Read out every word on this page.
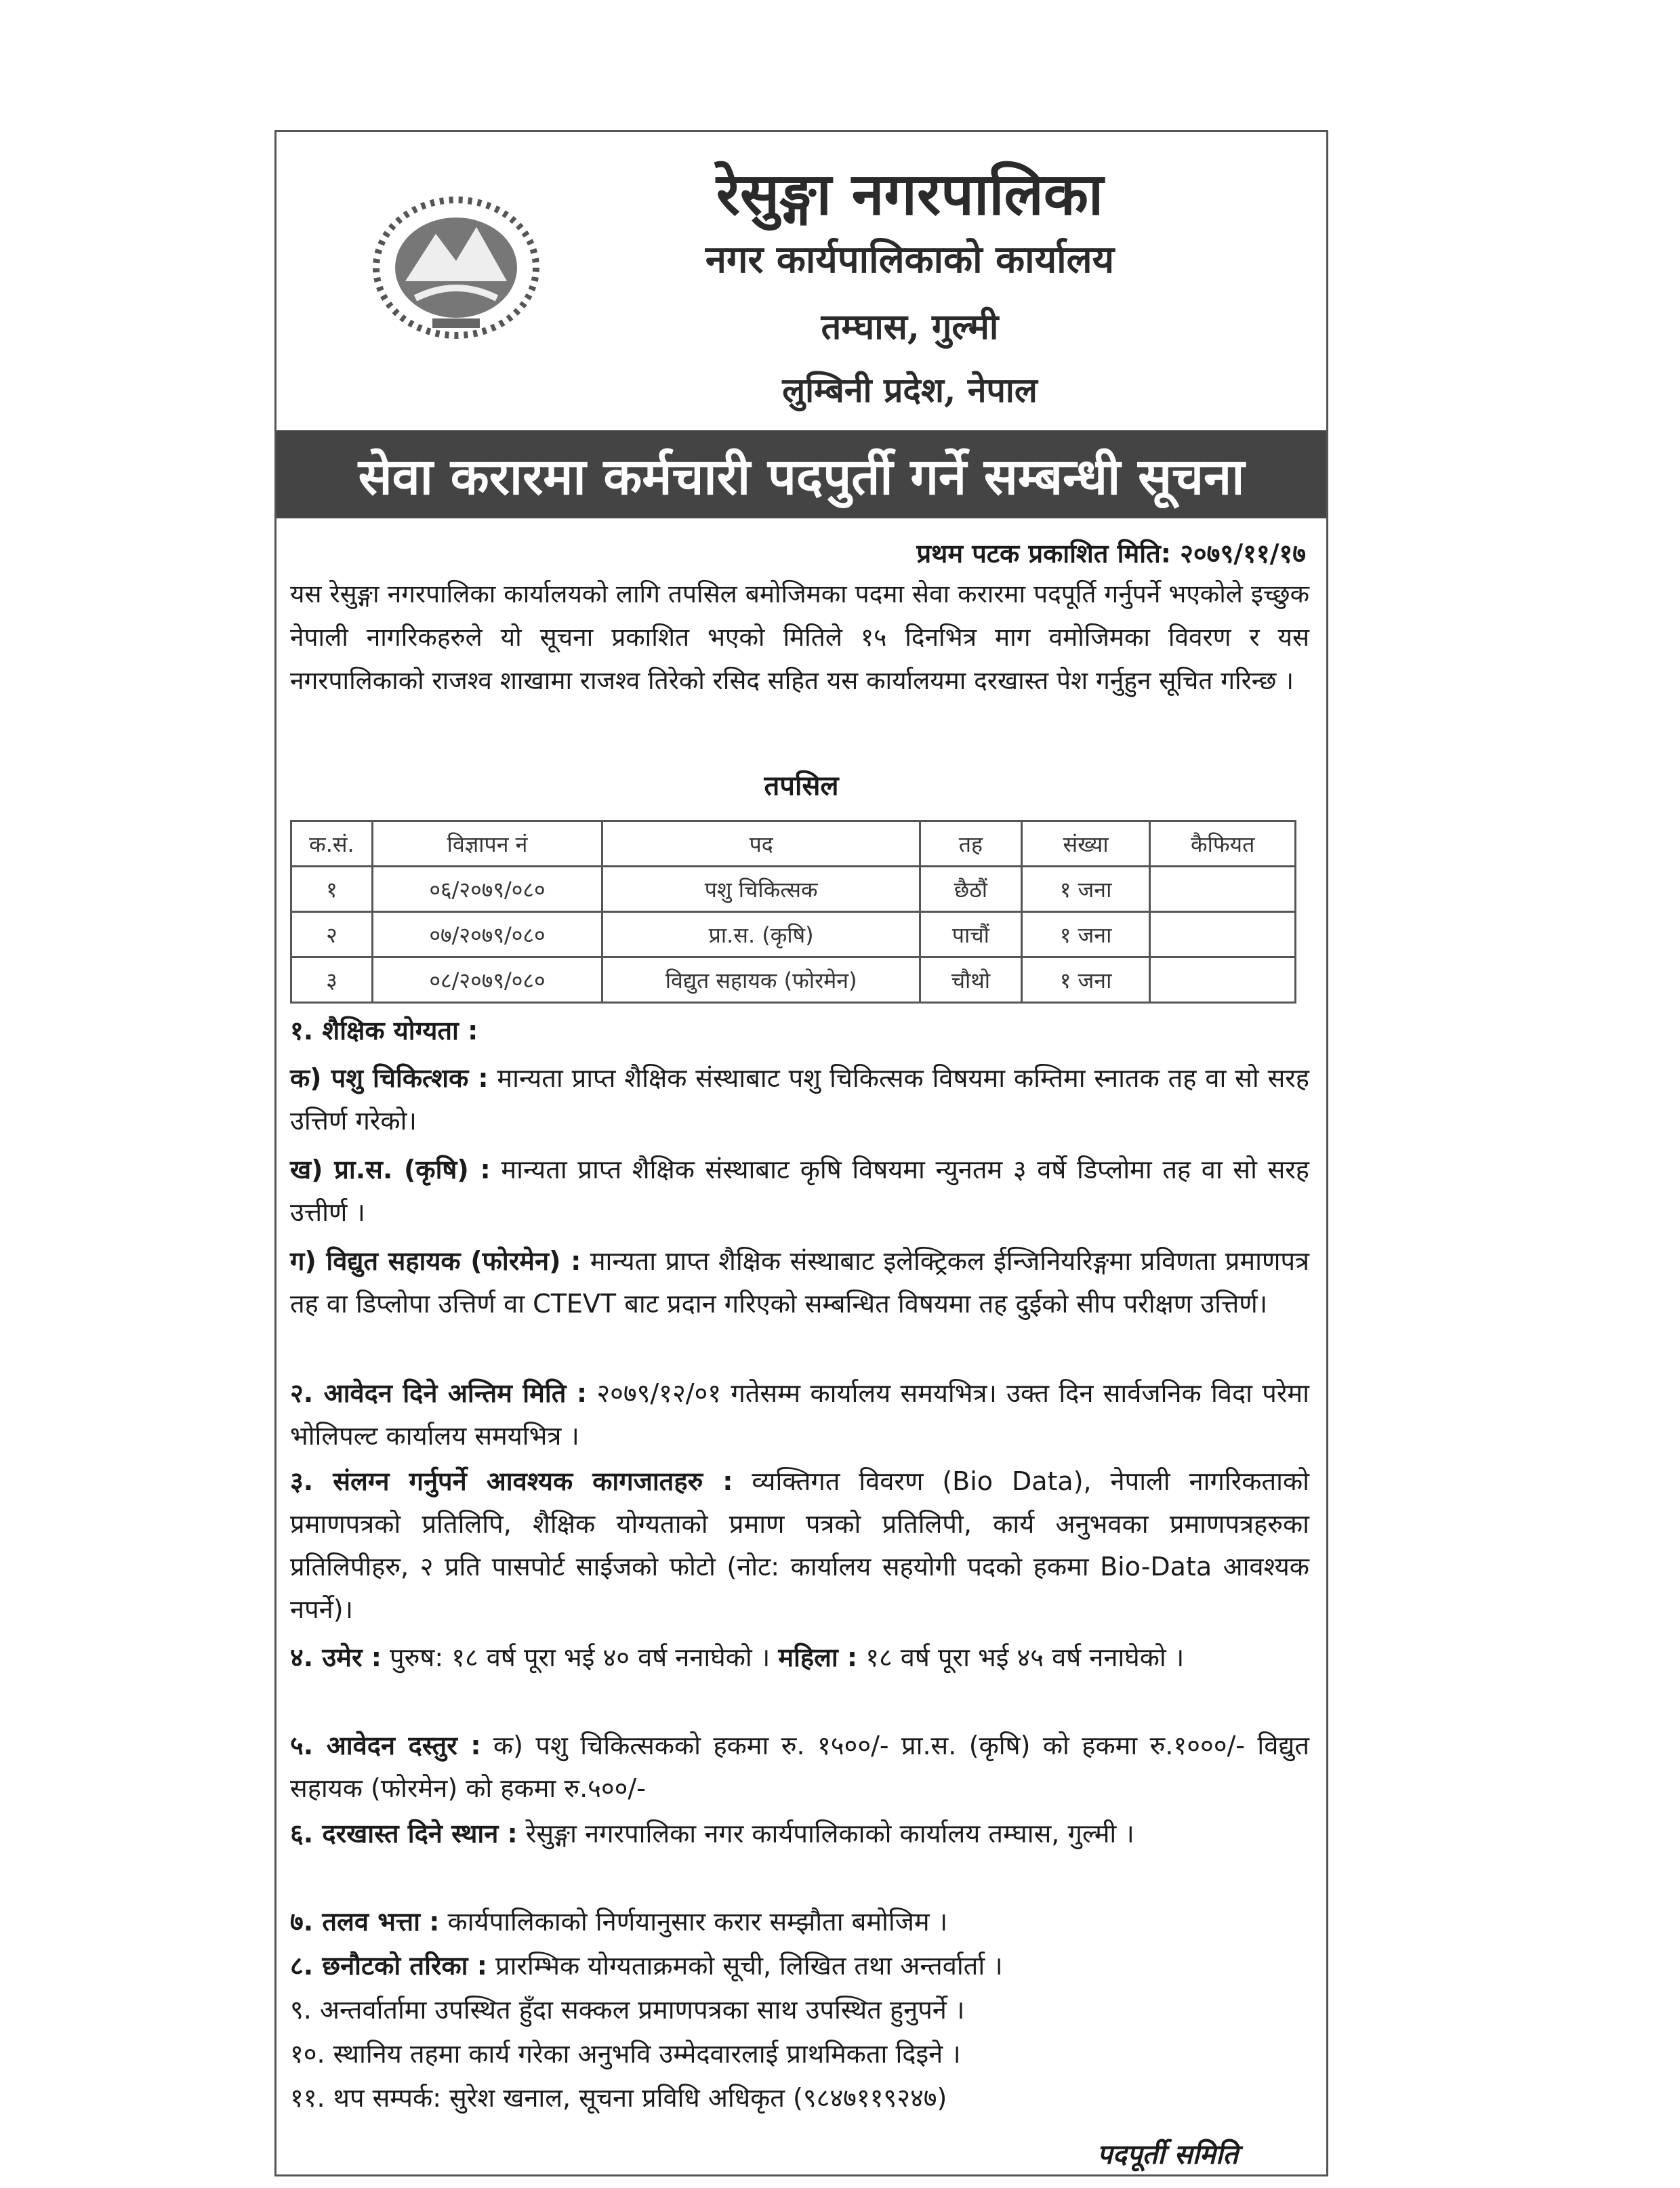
रेसुङ्गा नगरपालिका
नगर कार्यपालिकाको कार्यालय
तम्घास, गुल्मी
लुम्बिनी प्रदेश, नेपाल
सेवा करारमा कर्मचारी पदपुर्ती गर्ने सम्बन्धी सूचना
प्रथम पटक प्रकाशित मिति: २०७९/११/१७
यस रेसुङ्गा नगरपालिका कार्यालयको लागि तपसिल बमोजिमका पदमा सेवा करारमा पदपूर्ति गर्नुपर्ने भएकोले इच्छुक नेपाली नागरिकहरुले यो सूचना प्रकाशित भएको मितिले १५ दिनभित्र माग वमोजिमका विवरण र यस नगरपालिकाको राजश्व शाखामा राजश्व तिरेको रसिद सहित यस कार्यालयमा दरखास्त पेश गर्नुहुन सूचित गरिन्छ ।
तपसिल
क.सं.	विज्ञापन नं	पद	तह	संख्या	कैफियत
१	०६/२०७९/०८०	पशु चिकित्सक	छैठौं	१ जना	
२	०७/२०७९/०८०	प्रा.स. (कृषि)	पाचौं	१ जना	
३	०८/२०७९/०८०	विद्युत सहायक (फोरमेन)	चौथो	१ जना	
१. शैक्षिक योग्यता :
क) पशु चिकित्शक : मान्यता प्राप्त शैक्षिक संस्थाबाट पशु चिकित्सक विषयमा कम्तिमा स्नातक तह वा सो सरह उत्तिर्ण गरेको।
ख) प्रा.स. (कृषि) : मान्यता प्राप्त शैक्षिक संस्थाबाट कृषि विषयमा न्युनतम ३ वर्षे डिप्लोमा तह वा सो सरह उत्तीर्ण ।
ग) विद्युत सहायक (फोरमेन) : मान्यता प्राप्त शैक्षिक संस्थाबाट इलेक्ट्रिकल ईन्जिनियरिङ्गमा प्रविणता प्रमाणपत्र तह वा डिप्लोपा उत्तिर्ण वा CTEVT बाट प्रदान गरिएको सम्बन्धित विषयमा तह दुईको सीप परीक्षण उत्तिर्ण।
२. आवेदन दिने अन्तिम मिति : २०७९/१२/०१ गतेसम्म कार्यालय समयभित्र। उक्त दिन सार्वजनिक विदा परेमा भोलिपल्ट कार्यालय समयभित्र ।
३. संलग्न गर्नुपर्ने आवश्यक कागजातहरु : व्यक्तिगत विवरण (Bio Data), नेपाली नागरिकताको प्रमाणपत्रको प्रतिलिपि, शैक्षिक योग्यताको प्रमाण पत्रको प्रतिलिपी, कार्य अनुभवका प्रमाणपत्रहरुका प्रतिलिपीहरु, २ प्रति पासपोर्ट साईजको फोटो (नोट: कार्यालय सहयोगी पदको हकमा Bio-Data आवश्यक नपर्ने)।
४. उमेर : पुरुष: १८ वर्ष पूरा भई ४० वर्ष ननाघेको । महिला : १८ वर्ष पूरा भई ४५ वर्ष ननाघेको ।
५. आवेदन दस्तुर : क) पशु चिकित्सकको हकमा रु. १५००/- प्रा.स. (कृषि) को हकमा रु.१०००/- विद्युत सहायक (फोरमेन) को हकमा रु.५००/-
६. दरखास्त दिने स्थान : रेसुङ्गा नगरपालिका नगर कार्यपालिकाको कार्यालय तम्घास, गुल्मी ।
७. तलव भत्ता : कार्यपालिकाको निर्णयानुसार करार सम्झौता बमोजिम ।
८. छनौटको तरिका : प्रारम्भिक योग्यताक्रमको सूची, लिखित तथा अन्तर्वार्ता ।
९. अन्तर्वार्तामा उपस्थित हुँदा सक्कल प्रमाणपत्रका साथ उपस्थित हुनुपर्ने ।
१०. स्थानिय तहमा कार्य गरेका अनुभवि उम्मेदवारलाई प्राथमिकता दिइने ।
११. थप सम्पर्क: सुरेश खनाल, सूचना प्रविधि अधिकृत (९८४७११९२४७)
पदपूर्ती समिति
